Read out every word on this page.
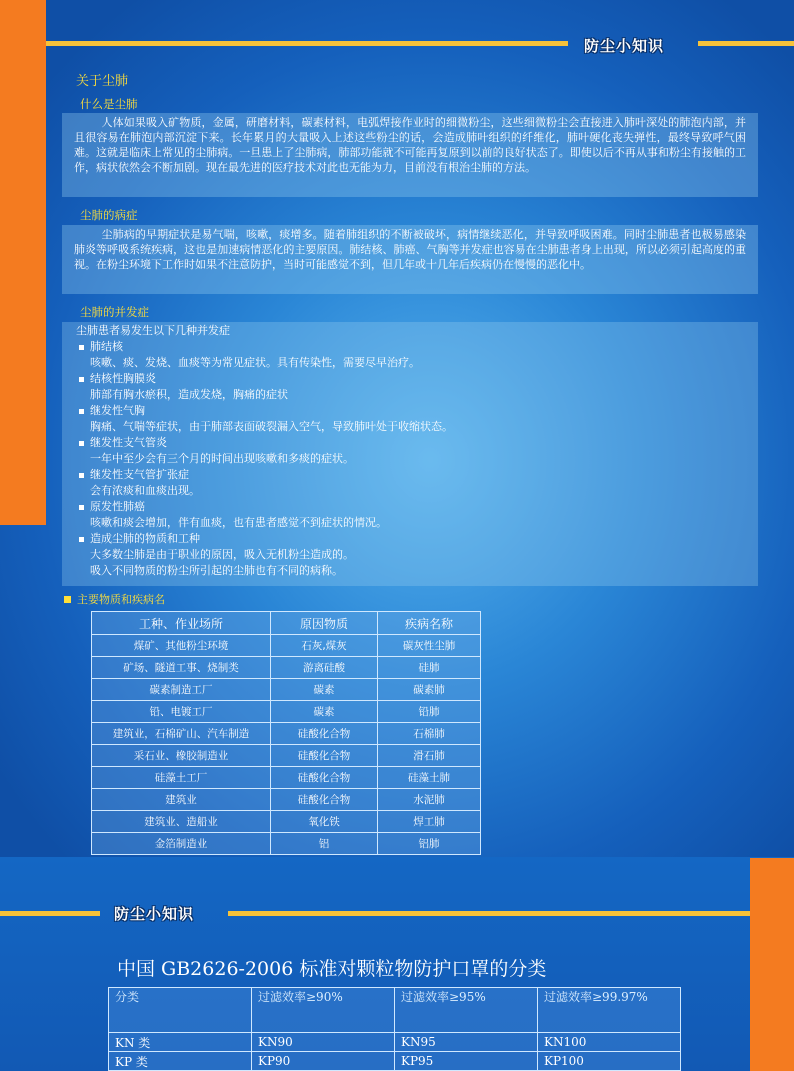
防尘小知识
关于尘肺
什么是尘肺

人体如果吸入矿物质，金属，研磨材料，碳素材料，电弧焊接作业时的细微粉尘，这些细微粉尘会直接进入肺叶深处的肺泡内部，并且很容易在肺泡内部沉淀下来。长年累月的大量吸入上述这些粉尘的话，会造成肺叶组织的纤维化，肺叶硬化丧失弹性，最终导致呼气困难。这就是临床上常见的尘肺病。一旦患上了尘肺病，肺部功能就不可能再复原到以前的良好状态了。即使以后不再从事和粉尘有接触的工作，病状依然会不断加剧。现在最先进的医疗技术对此也无能为力，目前没有根治尘肺的方法。

尘肺的病症

尘肺病的早期症状是易气喘，咳嗽，痰增多。随着肺组织的不断被破坏，病情继续恶化，并导致呼吸困难。同时尘肺患者也极易感染肺炎等呼吸系统疾病，这也是加速病情恶化的主要原因。肺结核、肺癌、气胸等并发症也容易在尘肺患者身上出现，所以必须引起高度的重视。在粉尘环境下工作时如果不注意防护，当时可能感觉不到，但几年或十几年后疾病仍在慢慢的恶化中。

尘肺的并发症
尘肺患者易发生以下几种并发症
肺结核
咳嗽、痰、发烧、血痰等为常见症状。具有传染性，需要尽早治疗。
结核性胸膜炎
肺部有胸水瘀积，造成发烧，胸痛的症状
继发性气胸
胸痛、气喘等症状，由于肺部表面破裂漏入空气，导致肺叶处于收缩状态。
继发性支气管炎
一年中至少会有三个月的时间出现咳嗽和多痰的症状。
继发性支气管扩张症
会有浓痰和血痰出现。
原发性肺癌
咳嗽和痰会增加，伴有血痰，也有患者感觉不到症状的情况。
造成尘肺的物质和工种
大多数尘肺是由于职业的原因，吸入无机粉尘造成的。
吸入不同物质的粉尘所引起的尘肺也有不同的病称。
主要物质和疾病名
工种、作业场所	原因物质	疾病名称
煤矿、其他粉尘环境	石灰,煤灰	碳灰性尘肺
矿场、隧道工事、烧制类	游离硅酸	硅肺
碳素制造工厂	碳素	碳素肺
铅、电镀工厂	碳素	铅肺
建筑业，石棉矿山、汽车制造	硅酸化合物	石棉肺
采石业、橡胶制造业	硅酸化合物	滑石肺
硅藻土工厂	硅酸化合物	硅藻土肺
建筑业	硅酸化合物	水泥肺
建筑业、造船业	氧化铁	焊工肺
金箔制造业	铝	铝肺
防尘小知识
中国 GB2626-2006 标准对颗粒物防护口罩的分类
分类	过滤效率≥90%	过滤效率≥95%	过滤效率≥99.97%
KN 类	KN90	KN95	KN100
KP 类	KP90	KP95	KP100
